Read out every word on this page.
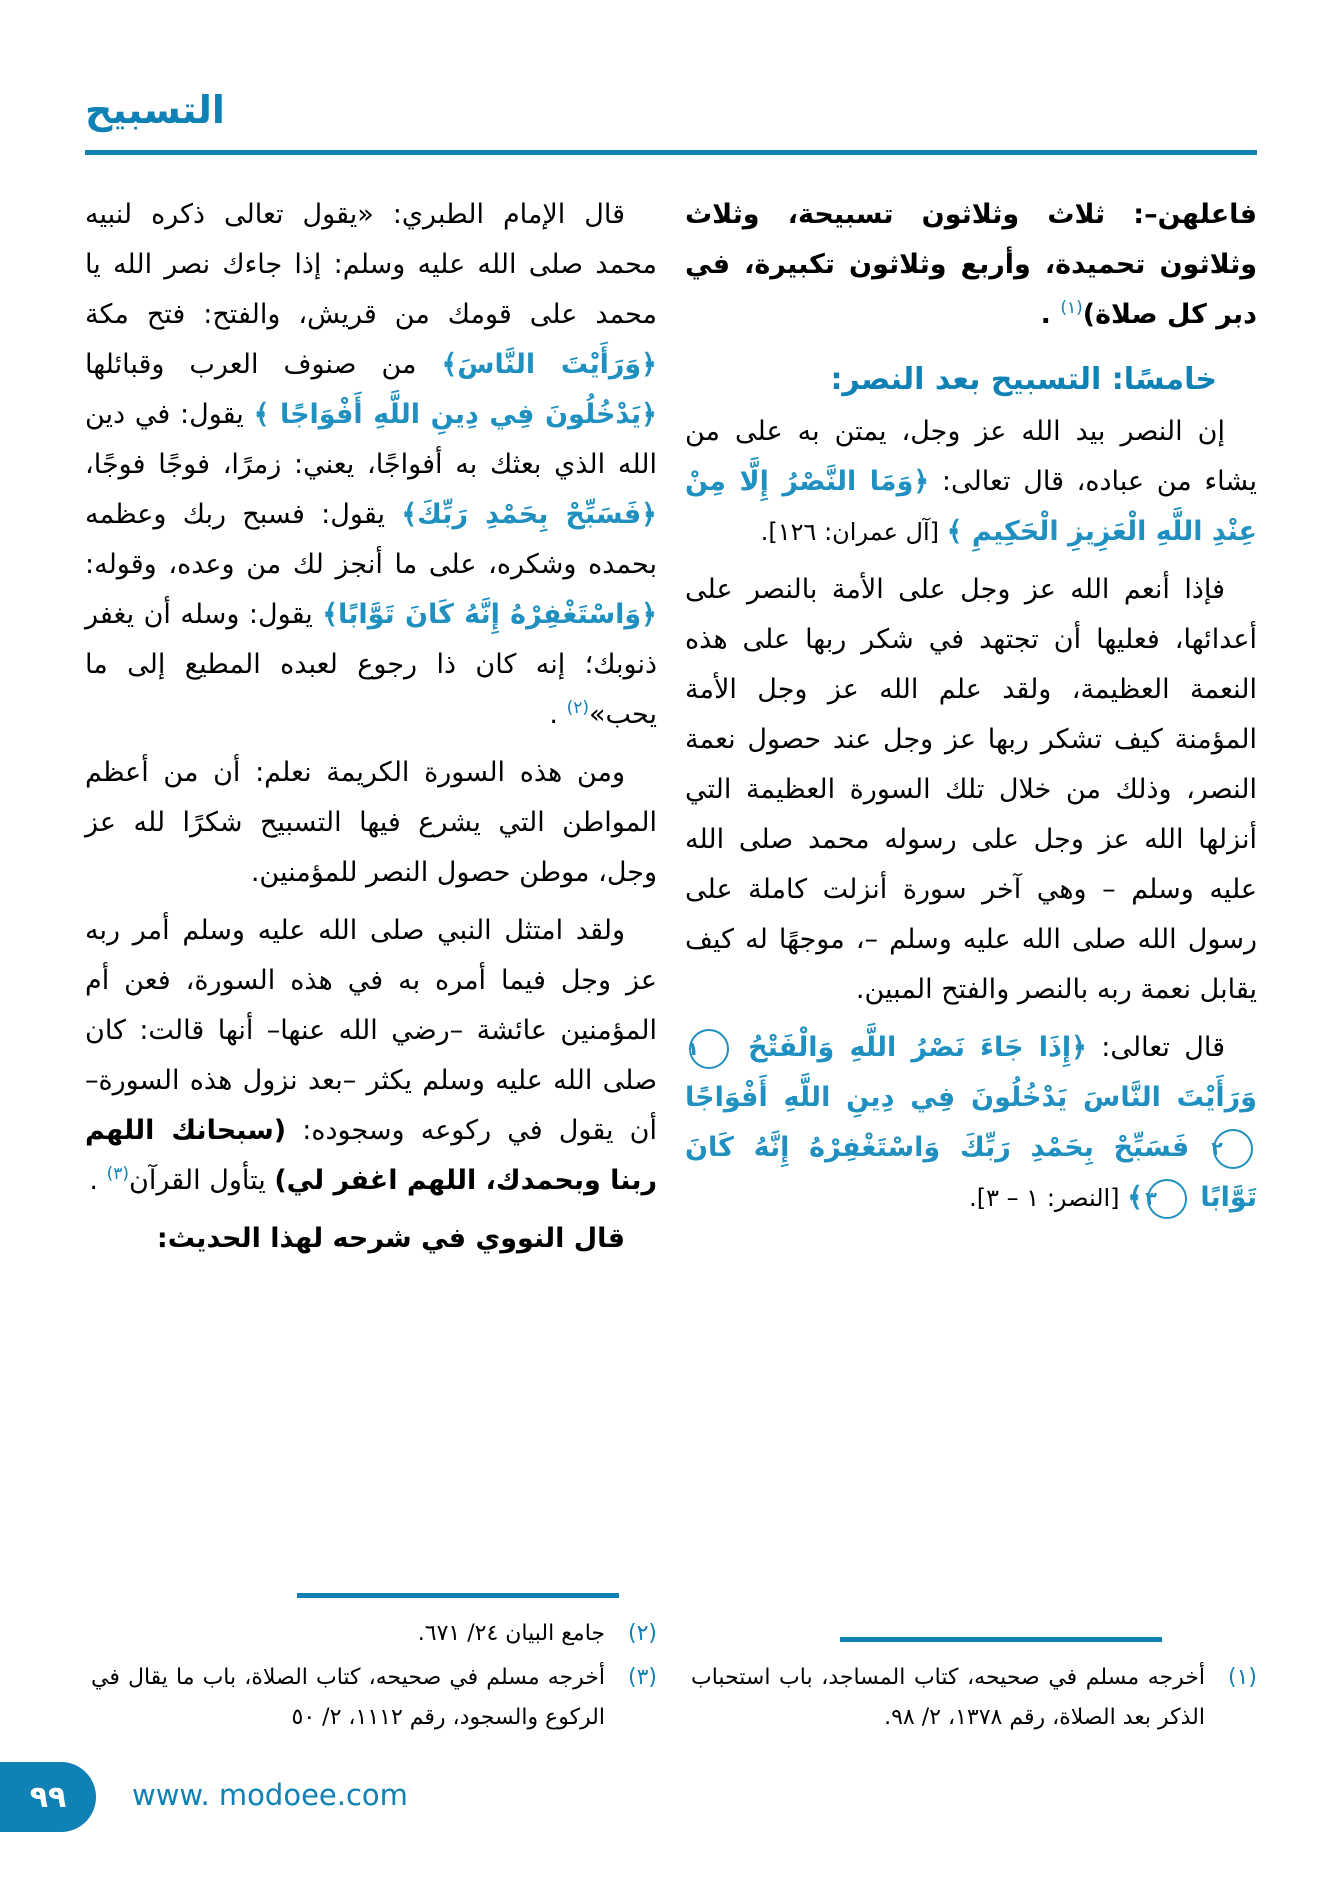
التسبيح

فاعلهن–: ثلاث وثلاثون تسبيحة، وثلاث وثلاثون تحميدة، وأربع وثلاثون تكبيرة، في دبر كل صلاة)$^{(١)}$ .

خامسًا: التسبيح بعد النصر:

إن النصر بيد الله عز وجل، يمتن به على من يشاء من عباده، قال تعالى: ﴿وَمَا النَّصْرُ إِلَّا مِنْ عِنْدِ اللَّهِ الْعَزِيزِ الْحَكِيمِ ﴾ [آل عمران: ١٢٦].

فإذا أنعم الله عز وجل على الأمة بالنصر على أعدائها، فعليها أن تجتهد في شكر ربها على هذه النعمة العظيمة، ولقد علم الله عز وجل الأمة المؤمنة كيف تشكر ربها عز وجل عند حصول نعمة النصر، وذلك من خلال تلك السورة العظيمة التي أنزلها الله عز وجل على رسوله محمد صلى الله عليه وسلم – وهي آخر سورة أنزلت كاملة على رسول الله صلى الله عليه وسلم –، موجهًا له كيف يقابل نعمة ربه بالنصر والفتح المبين.

قال تعالى: ﴿إِذَا جَاءَ نَصْرُ اللَّهِ وَالْفَتْحُ ١ وَرَأَيْتَ النَّاسَ يَدْخُلُونَ فِي دِينِ اللَّهِ أَفْوَاجًا ٢ فَسَبِّحْ بِحَمْدِ رَبِّكَ وَاسْتَغْفِرْهُ إِنَّهُ كَانَ تَوَّابًا ٣﴾ [النصر: ١ – ٣].

(١)
أخرجه مسلم في صحيحه، كتاب المساجد، باب استحباب الذكر بعد الصلاة، رقم ١٣٧٨، ٢/ ٩٨.

قال الإمام الطبري: «يقول تعالى ذكره لنبيه محمد صلى الله عليه وسلم: إذا جاءك نصر الله يا محمد على قومك من قريش، والفتح: فتح مكة ﴿وَرَأَيْتَ النَّاسَ﴾ من صنوف العرب وقبائلها ﴿يَدْخُلُونَ فِي دِينِ اللَّهِ أَفْوَاجًا ﴾ يقول: في دين الله الذي بعثك به أفواجًا، يعني: زمرًا، فوجًا فوجًا، ﴿فَسَبِّحْ بِحَمْدِ رَبِّكَ﴾ يقول: فسبح ربك وعظمه بحمده وشكره، على ما أنجز لك من وعده، وقوله: ﴿وَاسْتَغْفِرْهُ إِنَّهُ كَانَ تَوَّابًا﴾ يقول: وسله أن يغفر ذنوبك؛ إنه كان ذا رجوع لعبده المطيع إلى ما يحب»$^{(٢)}$ .

ومن هذه السورة الكريمة نعلم: أن من أعظم المواطن التي يشرع فيها التسبيح شكرًا لله عز وجل، موطن حصول النصر للمؤمنين.

ولقد امتثل النبي صلى الله عليه وسلم أمر ربه عز وجل فيما أمره به في هذه السورة، فعن أم المؤمنين عائشة –رضي الله عنها– أنها قالت: كان صلى الله عليه وسلم يكثر –بعد نزول هذه السورة– أن يقول في ركوعه وسجوده: (سبحانك اللهم ربنا وبحمدك، اللهم اغفر لي) يتأول القرآن$^{(٣)}$ .

قال النووي في شرحه لهذا الحديث:

(٢)
جامع البيان ٢٤/ ٦٧١.
(٣)
أخرجه مسلم في صحيحه، كتاب الصلاة، باب ما يقال في الركوع والسجود، رقم ١١١٢، ٢/ ٥٠
٩٩ www. modoee.com
